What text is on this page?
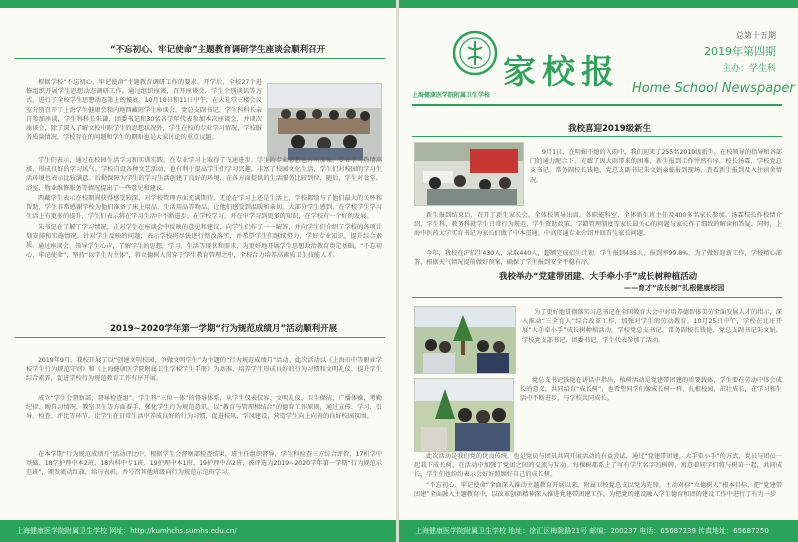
“不忘初心、牢记使命”主题教育调研学生座谈会顺利召开

根据学校“不忘初心、牢记使命”主题教育调研工作的要求，开学后，全校27个进修组织开展学生思想动态调研工作。通过组织座谈，召开座谈会，学生个别谈话等方式，进行了全校学生思想动态第上的摸底。10月10日和11日中午，在大礼堂三楼会议室分别召开了上海学生健康会和内地西藏班学生座谈会。党总支副书记、学生科科长亲自参加座谈，学生科科长朱谦，团委书记和30名各学年代表参加本次座谈会，并谈次座谈会，除了深入了解文校中职学生的思想状况外，学生在校的专业学习情况，学校服务质量情况，学校存在的问题和学生的期盼也是大家讨论的重点议题。

学生们表示，通过在校园生活学习和实训实践，在专业学习上取得了飞速进步，学生的专业思想也有所加强。专业学习热情高涨，形成良好的学习风气。学校自设各种文艺活动，也有利于提高学生们学习兴趣，丰富了校园文化生活，学生们对校园的学习生活环境也表示比较满意。后勤保障为学生的学习生活创建了良好的环境，在各方面提供的生活服务比较到位，随后，学生对食堂、浴室、物业维修服务等情况提出了一些意见和建议。

西藏学生表示在校期间获得感受较深，对学校管理方面充满期待，无论在学习上还是生活上，学校都给与了他们最大的关怀和帮助，学生非常感谢学校为他们准备了床上用品、生活用品等物品，让他们感受到温暖和亲切。大部分学生感到，在学校学生学习生活上有更多的提升，学生们表示将在学习生活中不断进步，在学校学习，并在中学习到更多的知识，在学校有一个好的发展。

朱书记在了解了学习情况，正对学生在座谈会中反映的意见和建议，向学生们作了一一解答，并向学生们介绍了学校的各项计划安排和实施情况，针对学生反映的问题，表示学校将尽快进行整改落实，并希望学生们继续努力，学好专业知识，提升综合素质。 通过座谈会，领导学生心声，了解学生的思想，学习、生活等现状和需求，为更好地开展学生思想政治教育奠定基础。“不忘初心、牢记使命”，坚持“以学生为主体”，将立德树人贯穿于学生教育管理之中，全校合力培养高素质卫生技能人才。

2019~2020学年第一学期“行为规范成绩月”活动顺利开展

2019年9月，我校开展了以“创建文明校园，争做文明学生”为主题的“行为规范成绩月”活动。此次活动以《上海市中等职业学校学生行为规范守则》和《上海健康医学院附属卫生学校学生手册》为基准，培养学生形成良好的行为习惯和文明礼仪，提升学生综合素养，促进学校行为规范教育工作有序开展。

成立“学生会督察部、督导检查组”，学生科“三位一体”的督导体系，从学生仪表仪容、文明礼仪、卫生保洁、广播体操、考勤纪律、晚自习情况、教室卫生等方面着手，强化学生行为规范意识。以“教育与管理相结合”的德育工作原则，通过宣传、学习、引导、检查、评比等环节，让学生在日常生活中养成良好的行为习惯，促进校风、学风建设，营造学生向上向善的良好校园氛围。

在本学期“行为规范成绩月”活动评比中，根据学生会督察部检查结果，班主任组织督导，学生科检查三方综合评价，17机学中基础、18学护理中本2班、18内科中专1班、19护理中本1班、19护理中高2班、被评选为2019~2020学年第一学期“行为规范示范班”，颁发流动红旗，给与表彰，并号召其他班级向行为规范示范班学习。

上海健康医学院附属卫生学校 网址：http://kumhchs.sumhs.edu.cn/	上海健康医学院附属卫生学校 地址：徐汇区梅陇路21号 邮编：200237 电话：65687239 传真地址：65687250
上海健康医学院附属卫生学校
家校报 Home School Newspaper
总第十五期
2019年第四期
主办：学生科
我校喜迎2019级新生

9月1日，在明媚不熄的入雨中，我们迎来了255名2019级新生。在校领导的指导和各部门的通力配合下，光耀了因大雨带来的困难，新生报到工作井然有序。校长汤霖，学校党总支书记、常务副校长钱艳、党总支副书记朱文娟亲临报到现场，查看新生报到及入住宿舍情况。

新生报到结束后，召开了新生家长会。全体校领导出席，各职能科室，全体新生班主任及400多名家长参加。汤霖校长作校情介绍，学生科、教务科就学生日常行为规范、学生资助政策、学籍管理制度等家长最关心的问题与家长作了细致的解读和答疑。同时，上海中医药大学实育书记为家长们做了中本贯通、中高贯通专业介绍并回答生家长问题。

今年，我校在沪招生430人，录取440人，超额完成招生计划，学生报到435人，报到率99.8%，为了做好迎新工作，学校精心部署，根据天气情况提前做好预案，确保了学生报到安全平稳有序。

我校举办“党建带团建、大手牵小手”成长树种植活动
——育才“成长树”扎根健康校园

为了更好地贯彻落实习总书记在全国教育大会中对培养德智体美劳全面发展人才的指示，深入推动“三全育人”综合改革工作，加强对学生的劳动教育，10月25日中午，学校在北庄开展“大手牵小手”成长树种植活动。学校党总支书记、常务副校长钱艳、党总支副书记朱文娟、学校党支部书记、团委书记、学生代表参加了活动。

党总支书记钱艳在讲话中指出，植树活动是党建带团建的重要载体，学生要在劳动中体会成长的意义，共同培育“成长树”，也希望同学们像成长树一样，扎根校园，茁壮成长，在学习和生活中不断进步，与学校共同成长。

此次活动是我们党的优良传统，也是党员与团员共同开展活动的有益尝试，通过“党建带团建，大手牵小手”的方式，党员与团员一起栽下成长树，在活动中加强了党团之间的交流与互动。每棵树都系上了写有学生名字的树牌，寓意着同学们将与树苗一起，共同成长，学生们也纷纷表示会好好照顾好自己的成长树。

“不忘初心、牢记使命”全面深入推动主题教育开展以来，附属卫校党总支以党为先锋，主动对标“立德树人”根本目标，把“党建带团建”全面融入主题教育中，以改革创新精神深入推进党建带团建工作，为把党的建设融入学生德育和团的建设工作中进行了有力一步
